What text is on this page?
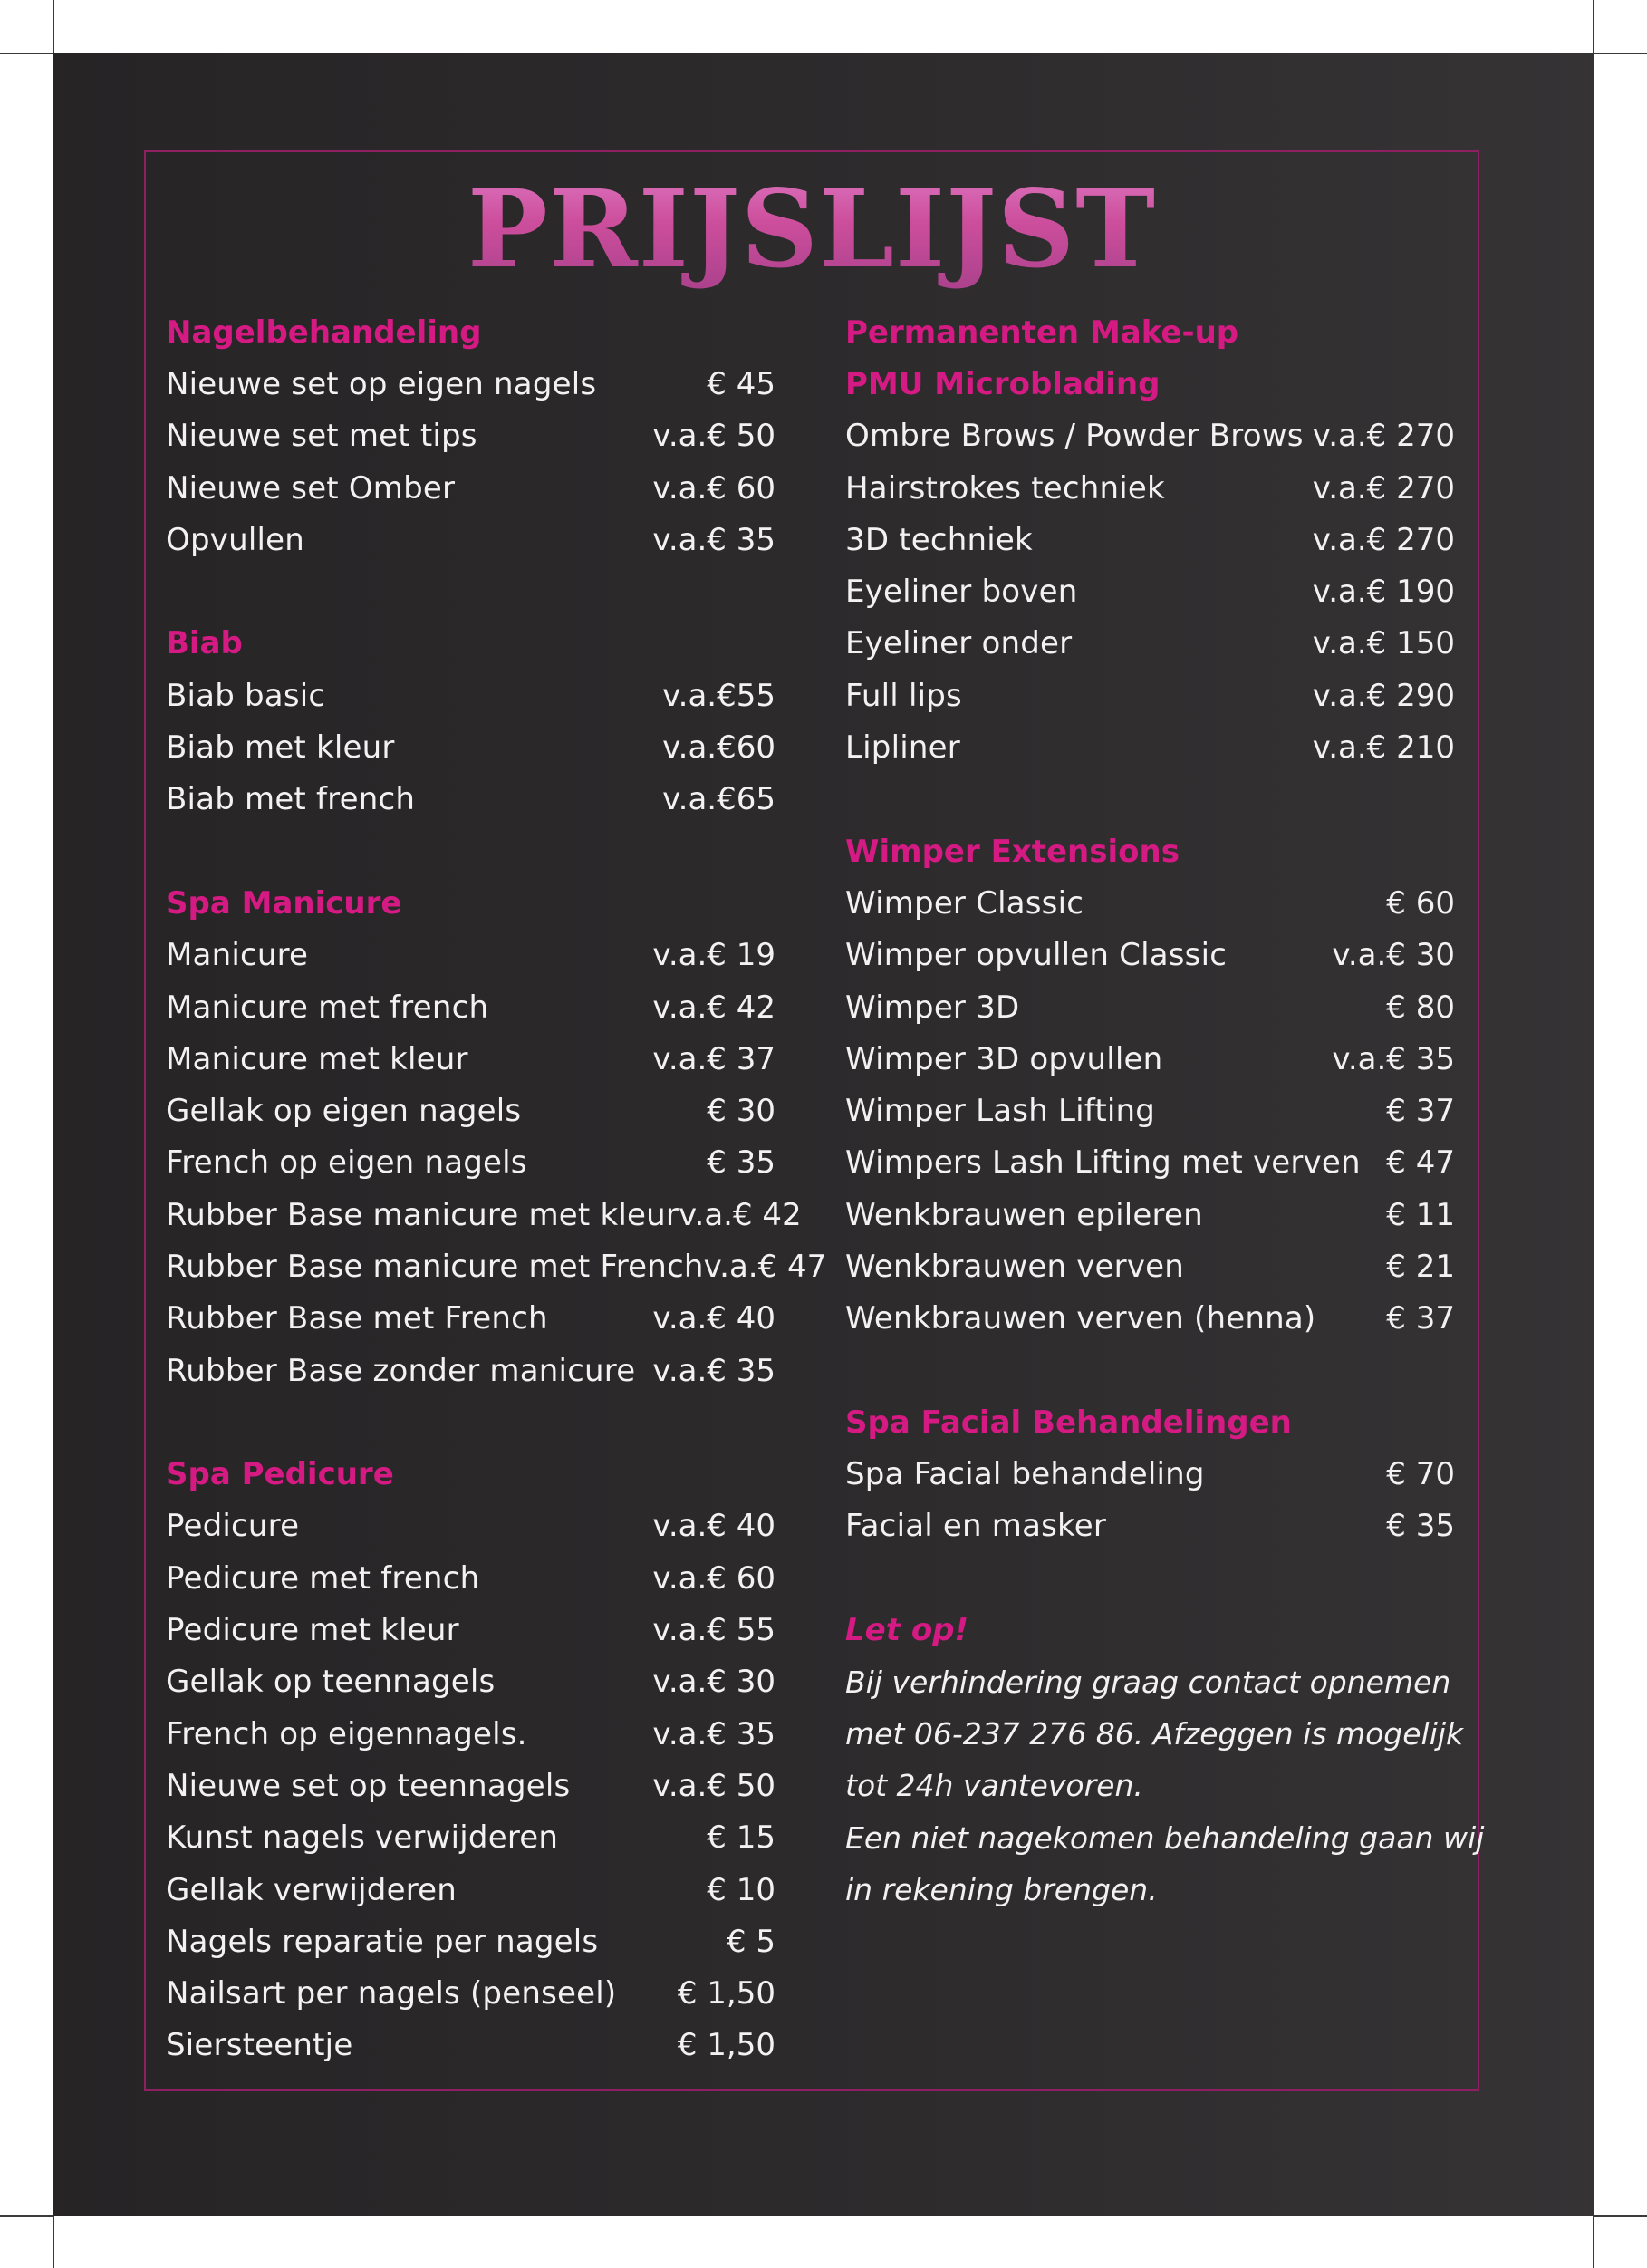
PRIJSLIJST
Nagelbehandeling
Nieuwe set op eigen nagels	€ 45
Nieuwe set met tips	v.a.€ 50
Nieuwe set Omber	v.a.€ 60
Opvullen	v.a.€ 35
Biab
Biab basic	v.a.€55
Biab met kleur	v.a.€60
Biab met french	v.a.€65
Spa Manicure
Manicure	v.a.€ 19
Manicure met french	v.a.€ 42
Manicure met kleur	v.a.€ 37
Gellak op eigen nagels	€ 30
French op eigen nagels	€ 35
Rubber Base manicure met kleur v.a.€ 42
Rubber Base manicure met French v.a.€ 47
Rubber Base met French	v.a.€ 40
Rubber Base zonder manicure v.a.€ 35
Spa Pedicure
Pedicure	v.a.€ 40
Pedicure met french	v.a.€ 60
Pedicure met kleur	v.a.€ 55
Gellak op teennagels	v.a.€ 30
French op eigennagels.	v.a.€ 35
Nieuwe set op teennagels	v.a.€ 50
Kunst nagels verwijderen	€ 15
Gellak verwijderen	€ 10
Nagels reparatie per nagels	€ 5
Nailsart per nagels (penseel) € 1,50
Siersteentje	€ 1,50
Permanenten Make-up
PMU Microblading
Ombre Brows / Powder Brows v.a.€ 270
Hairstrokes techniek	v.a.€ 270
3D techniek	v.a.€ 270
Eyeliner boven	v.a.€ 190
Eyeliner onder	v.a.€ 150
Full lips	v.a.€ 290
Lipliner	v.a.€ 210
Wimper Extensions
Wimper Classic	€ 60
Wimper opvullen Classic	v.a.€ 30
Wimper 3D	€ 80
Wimper 3D opvullen	v.a.€ 35
Wimper Lash Lifting	€ 37
Wimpers Lash Lifting met verven € 47
Wenkbrauwen epileren	€ 11
Wenkbrauwen verven	€ 21
Wenkbrauwen verven (henna) € 37
Spa Facial Behandelingen
Spa Facial behandeling	€ 70
Facial en masker	€ 35
Let op!
Bij verhindering graag contact opnemen
met 06-237 276 86. Afzeggen is mogelijk
tot 24h vantevoren.
Een niet nagekomen behandeling gaan wij
in rekening brengen.
